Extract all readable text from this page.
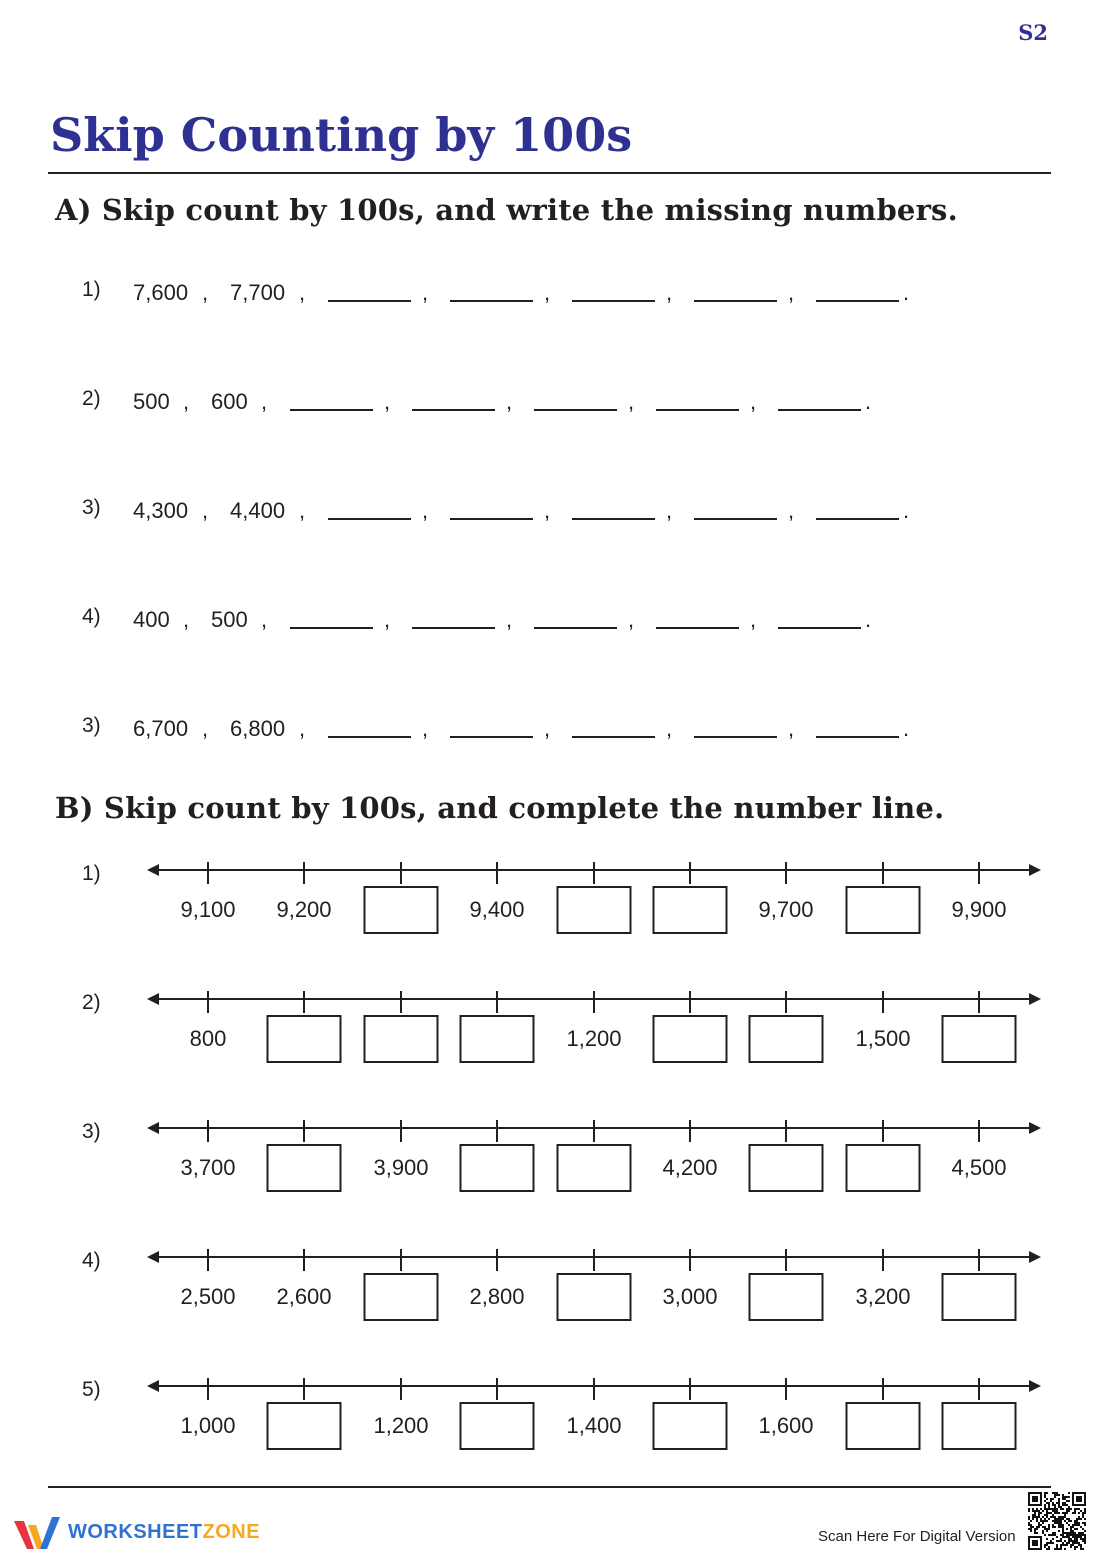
S2
Skip Counting by 100s
A) Skip count by 100s, and write the missing numbers.
1) 7,600 , 7,700 ,	,	,	,	,	.
2) 500 , 600 ,	,	,	,	,	.
3) 4,300 , 4,400 ,	,	,	,	,	.
4) 400 , 500 ,	,	,	,	,	.
3) 6,700 , 6,800 ,	,	,	,	,	.
B) Skip count by 100s, and complete the number line.
1)
9,100 9,200	9,400	9,700	9,900
2)
800	1,200	1,500
3)
3,700	3,900	4,200	4,500
4)
2,500 2,600	2,800	3,000	3,200
5)
1,000	1,200	1,400	1,600
WORKSHEETZONE	Scan Here For Digital Version
